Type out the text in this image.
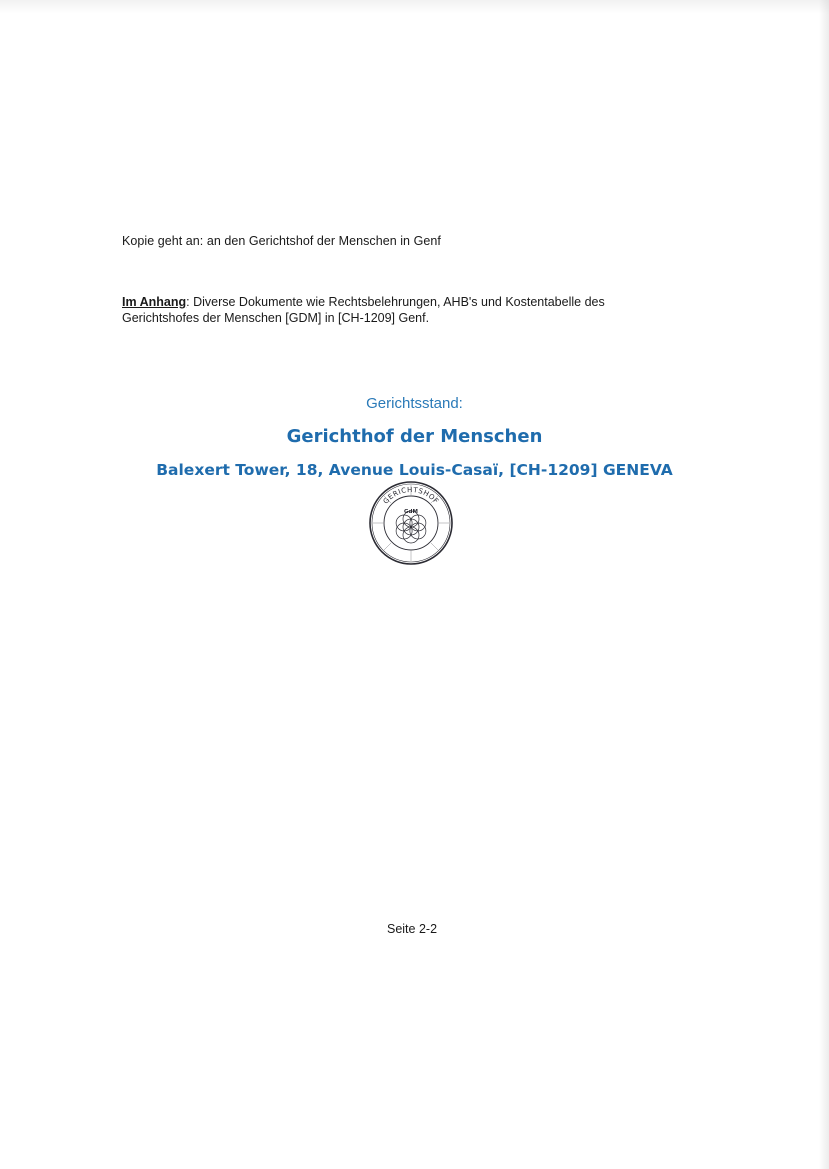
Kopie geht an: an den Gerichtshof der Menschen in Genf
Im Anhang: Diverse Dokumente wie Rechtsbelehrungen, AHB's und Kostentabelle des Gerichtshofes der Menschen [GDM] in [CH-1209] Genf.
Gerichtsstand:
Gerichthof der Menschen
Balexert Tower, 18, Avenue Louis-Casaï, [CH-1209] GENEVA
GERICHTSHOF
GdM
Seite 2-2
